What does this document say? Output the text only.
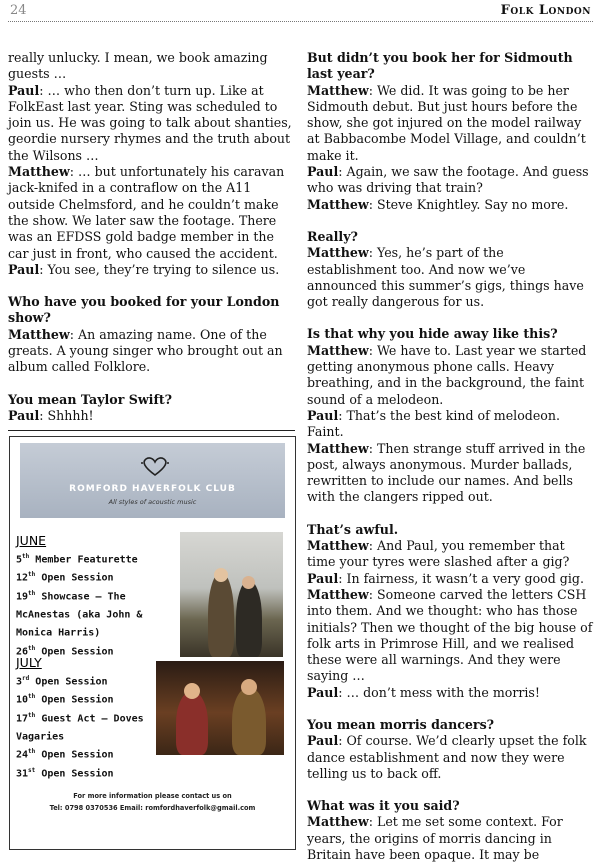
24	Folk London

really unlucky. I mean, we book amazing guests …

Paul: … who then don’t turn up. Like at FolkEast last year. Sting was scheduled to join us. He was going to talk about shanties, geordie nursery rhymes and the truth about the Wilsons …

Matthew: … but unfortunately his caravan jack-knifed in a contraflow on the A11 outside Chelmsford, and he couldn’t make the show. We later saw the footage. There was an EFDSS gold badge member in the car just in front, who caused the accident.

Paul: You see, they’re trying to silence us.

Who have you booked for your London show?

Matthew: An amazing name. One of the greats. A young singer who brought out an album called Folklore.

You mean Taylor Swift?

Paul: Shhhh!

But didn’t you book her for Sidmouth last year?

Matthew: We did. It was going to be her Sidmouth debut. But just hours before the show, she got injured on the model railway at Babbacombe Model Village, and couldn’t make it.

Paul: Again, we saw the footage. And guess who was driving that train?

Matthew: Steve Knightley. Say no more.

Really?

Matthew: Yes, he’s part of the establishment too. And now we’ve announced this summer’s gigs, things have got really dangerous for us.

Is that why you hide away like this?

Matthew: We have to. Last year we started getting anonymous phone calls. Heavy breathing, and in the background, the faint sound of a melodeon.

Paul: That’s the best kind of melodeon. Faint.

Matthew: Then strange stuff arrived in the post, always anonymous. Murder ballads, rewritten to include our names. And bells with the clangers ripped out.

That’s awful.

Matthew: And Paul, you remember that time your tyres were slashed after a gig?

Paul: In fairness, it wasn’t a very good gig.

Matthew: Someone carved the letters CSH into them. And we thought: who has those initials? Then we thought of the big house of folk arts in Primrose Hill, and we realised these were all warnings. And they were saying …

Paul: … don’t mess with the morris!

You mean morris dancers?

Paul: Of course. We’d clearly upset the folk dance establishment and now they were telling us to back off.

What was it you said?

Matthew: Let me set some context. For years, the origins of morris dancing in Britain have been opaque. It may be

ROMFORD HAVERFOLK CLUB
All styles of acoustic music
JUNE
5th Member Featurette
12th Open Session
19th Showcase – The
McAnestas (aka John &
Monica Harris)
26th Open Session
JULY
3rd Open Session
10th Open Session
17th Guest Act – Doves
Vagaries
24th Open Session
31st Open Session
For more information please contact us on
Tel: 0798 0370536 Email: romfordhaverfolk@gmail.com
